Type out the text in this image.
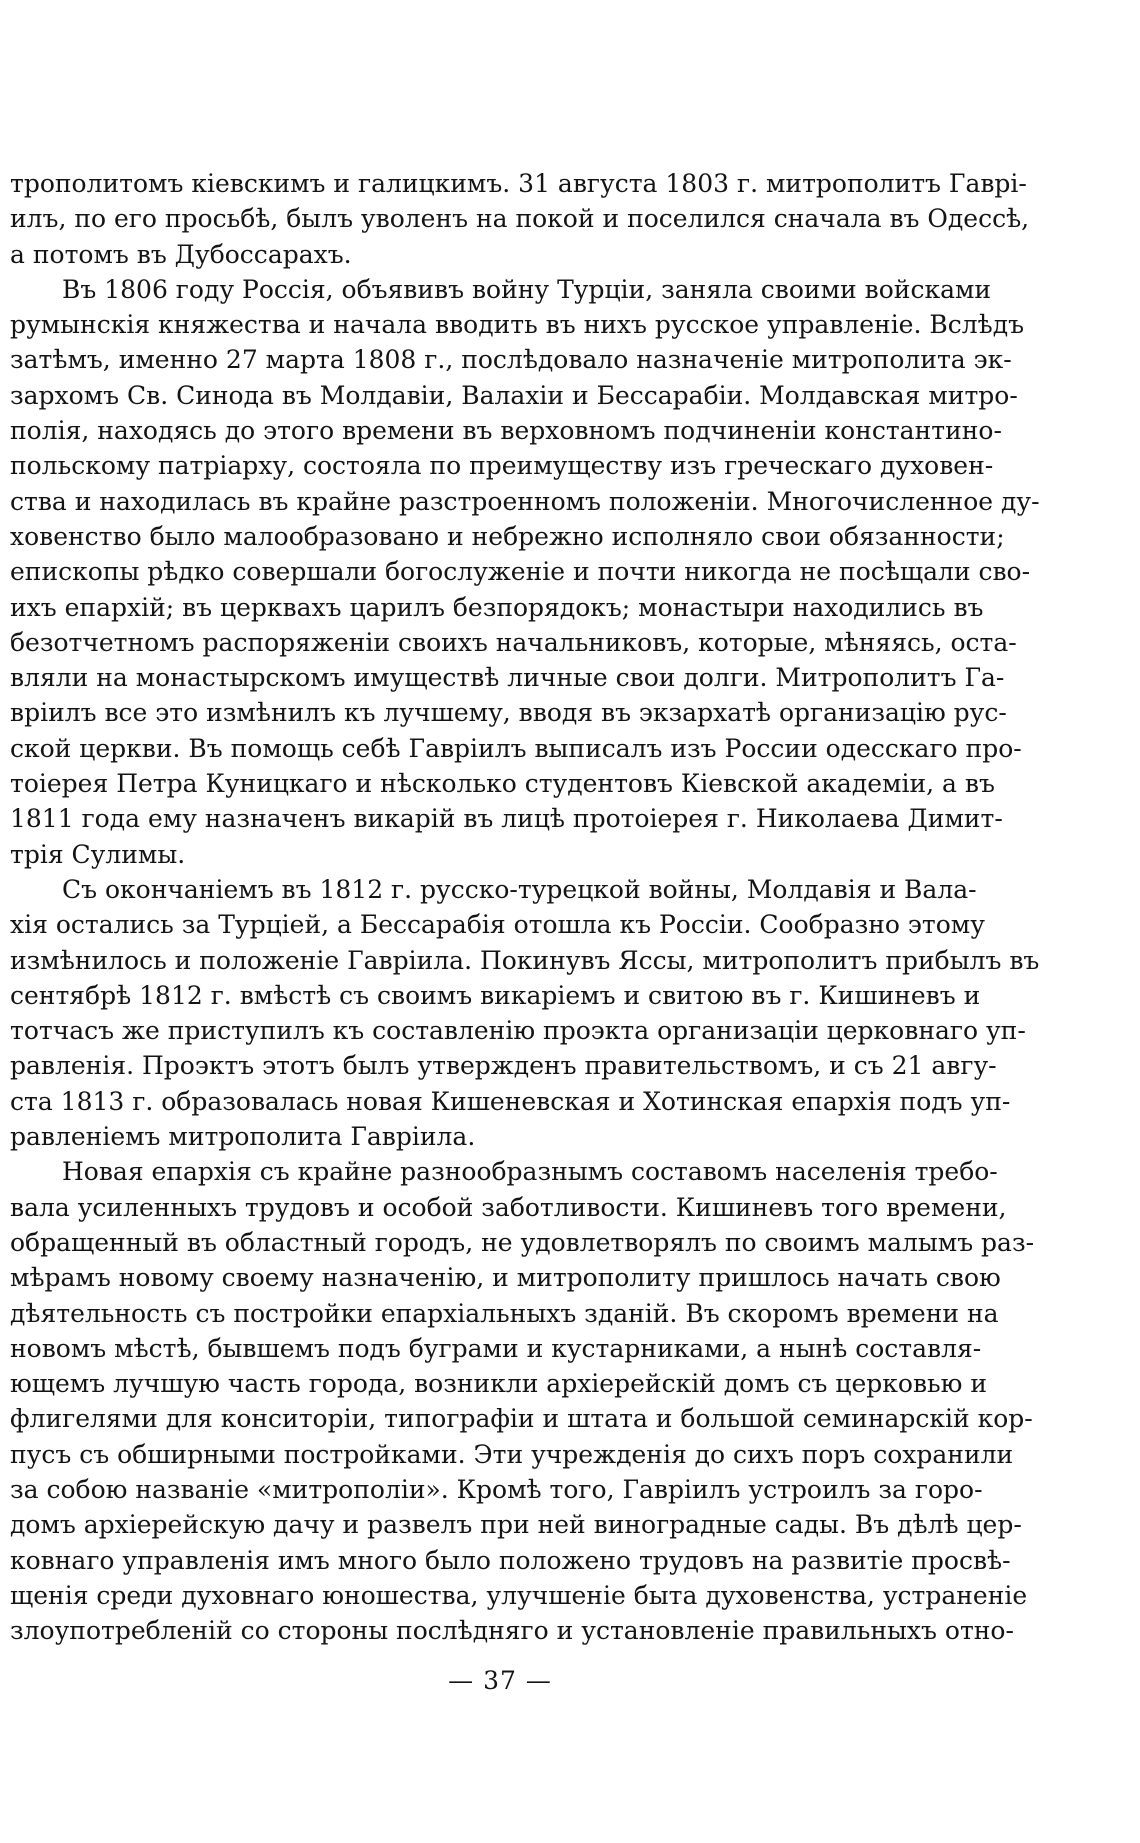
трополитомъ кіевскимъ и галицкимъ. 31 августа 1803 г. митрополитъ Гаврі-
илъ, по его просьбѣ, былъ уволенъ на покой и поселился сначала въ Одессѣ,
а потомъ въ Дубоссарахъ.
Въ 1806 году Россія, объявивъ войну Турціи, заняла своими войсками
румынскія княжества и начала вводить въ нихъ русское управленіе. Вслѣдъ
затѣмъ, именно 27 марта 1808 г., послѣдовало назначеніе митрополита эк-
зархомъ Св. Синода въ Молдавіи, Валахіи и Бессарабіи. Молдавская митро-
полія, находясь до этого времени въ верховномъ подчиненіи константино-
польскому патріарху, состояла по преимуществу изъ греческаго духовен-
ства и находилась въ крайне разстроенномъ положеніи. Многочисленное ду-
ховенство было малообразовано и небрежно исполняло свои обязанности;
епископы рѣдко совершали богослуженіе и почти никогда не посѣщали сво-
ихъ епархій; въ церквахъ царилъ безпорядокъ; монастыри находились въ
безотчетномъ распоряженіи своихъ начальниковъ, которые, мѣняясь, оста-
вляли на монастырскомъ имуществѣ личные свои долги. Митрополитъ Га-
вріилъ все это измѣнилъ къ лучшему, вводя въ экзархатѣ организацію рус-
ской церкви. Въ помощь себѣ Гавріилъ выписалъ изъ России одесскаго про-
тоіерея Петра Куницкаго и нѣсколько студентовъ Кіевской академіи, а въ
1811 года ему назначенъ викарій въ лицѣ протоіерея г. Николаева Димит-
трія Сулимы.
Съ окончаніемъ въ 1812 г. русско-турецкой войны, Молдавія и Вала-
хія остались за Турціей, а Бессарабія отошла къ Россіи. Сообразно этому
измѣнилось и положеніе Гавріила. Покинувъ Яссы, митрополитъ прибылъ въ
сентябрѣ 1812 г. вмѣстѣ съ своимъ викаріемъ и свитою въ г. Кишиневъ и
тотчасъ же приступилъ къ составленію проэкта организаціи церковнаго уп-
равленія. Проэктъ этотъ былъ утвержденъ правительствомъ, и съ 21 авгу-
ста 1813 г. образовалась новая Кишеневская и Хотинская епархія подъ уп-
равленіемъ митрополита Гавріила.
Новая епархія съ крайне разнообразнымъ составомъ населенія требо-
вала усиленныхъ трудовъ и особой заботливости. Кишиневъ того времени,
обращенный въ областный городъ, не удовлетворялъ по своимъ малымъ раз-
мѣрамъ новому своему назначенію, и митрополиту пришлось начать свою
дѣятельность съ постройки епархіальныхъ зданій. Въ скоромъ времени на
новомъ мѣстѣ, бывшемъ подъ буграми и кустарниками, а нынѣ составля-
ющемъ лучшую часть города, возникли архіерейскій домъ съ церковью и
флигелями для конситоріи, типографіи и штата и большой семинарскій кор-
пусъ съ обширными постройками. Эти учрежденія до сихъ поръ сохранили
за собою названіе «митрополіи». Кромѣ того, Гавріилъ устроилъ за горо-
домъ архіерейскую дачу и развелъ при ней виноградные сады. Въ дѣлѣ цер-
ковнаго управленія имъ много было положено трудовъ на развитіе просвѣ-
щенія среди духовнаго юношества, улучшеніе быта духовенства, устраненіе
злоупотребленій со стороны послѣдняго и установленіе правильныхъ отно-
— 37 —
